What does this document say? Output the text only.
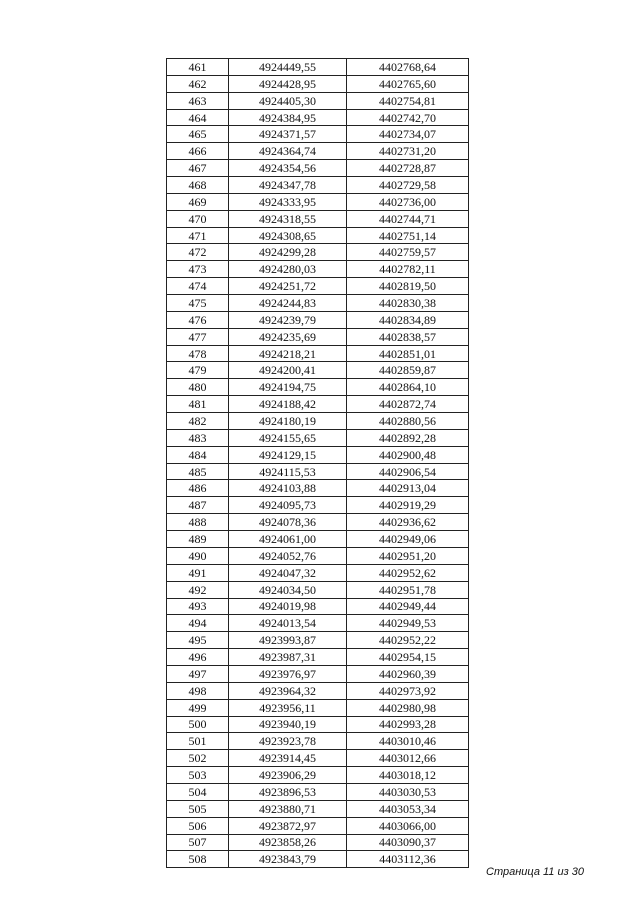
461	4924449,55	4402768,64
462	4924428,95	4402765,60
463	4924405,30	4402754,81
464	4924384,95	4402742,70
465	4924371,57	4402734,07
466	4924364,74	4402731,20
467	4924354,56	4402728,87
468	4924347,78	4402729,58
469	4924333,95	4402736,00
470	4924318,55	4402744,71
471	4924308,65	4402751,14
472	4924299,28	4402759,57
473	4924280,03	4402782,11
474	4924251,72	4402819,50
475	4924244,83	4402830,38
476	4924239,79	4402834,89
477	4924235,69	4402838,57
478	4924218,21	4402851,01
479	4924200,41	4402859,87
480	4924194,75	4402864,10
481	4924188,42	4402872,74
482	4924180,19	4402880,56
483	4924155,65	4402892,28
484	4924129,15	4402900,48
485	4924115,53	4402906,54
486	4924103,88	4402913,04
487	4924095,73	4402919,29
488	4924078,36	4402936,62
489	4924061,00	4402949,06
490	4924052,76	4402951,20
491	4924047,32	4402952,62
492	4924034,50	4402951,78
493	4924019,98	4402949,44
494	4924013,54	4402949,53
495	4923993,87	4402952,22
496	4923987,31	4402954,15
497	4923976,97	4402960,39
498	4923964,32	4402973,92
499	4923956,11	4402980,98
500	4923940,19	4402993,28
501	4923923,78	4403010,46
502	4923914,45	4403012,66
503	4923906,29	4403018,12
504	4923896,53	4403030,53
505	4923880,71	4403053,34
506	4923872,97	4403066,00
507	4923858,26	4403090,37
508	4923843,79	4403112,36
Страница 11 из 30
